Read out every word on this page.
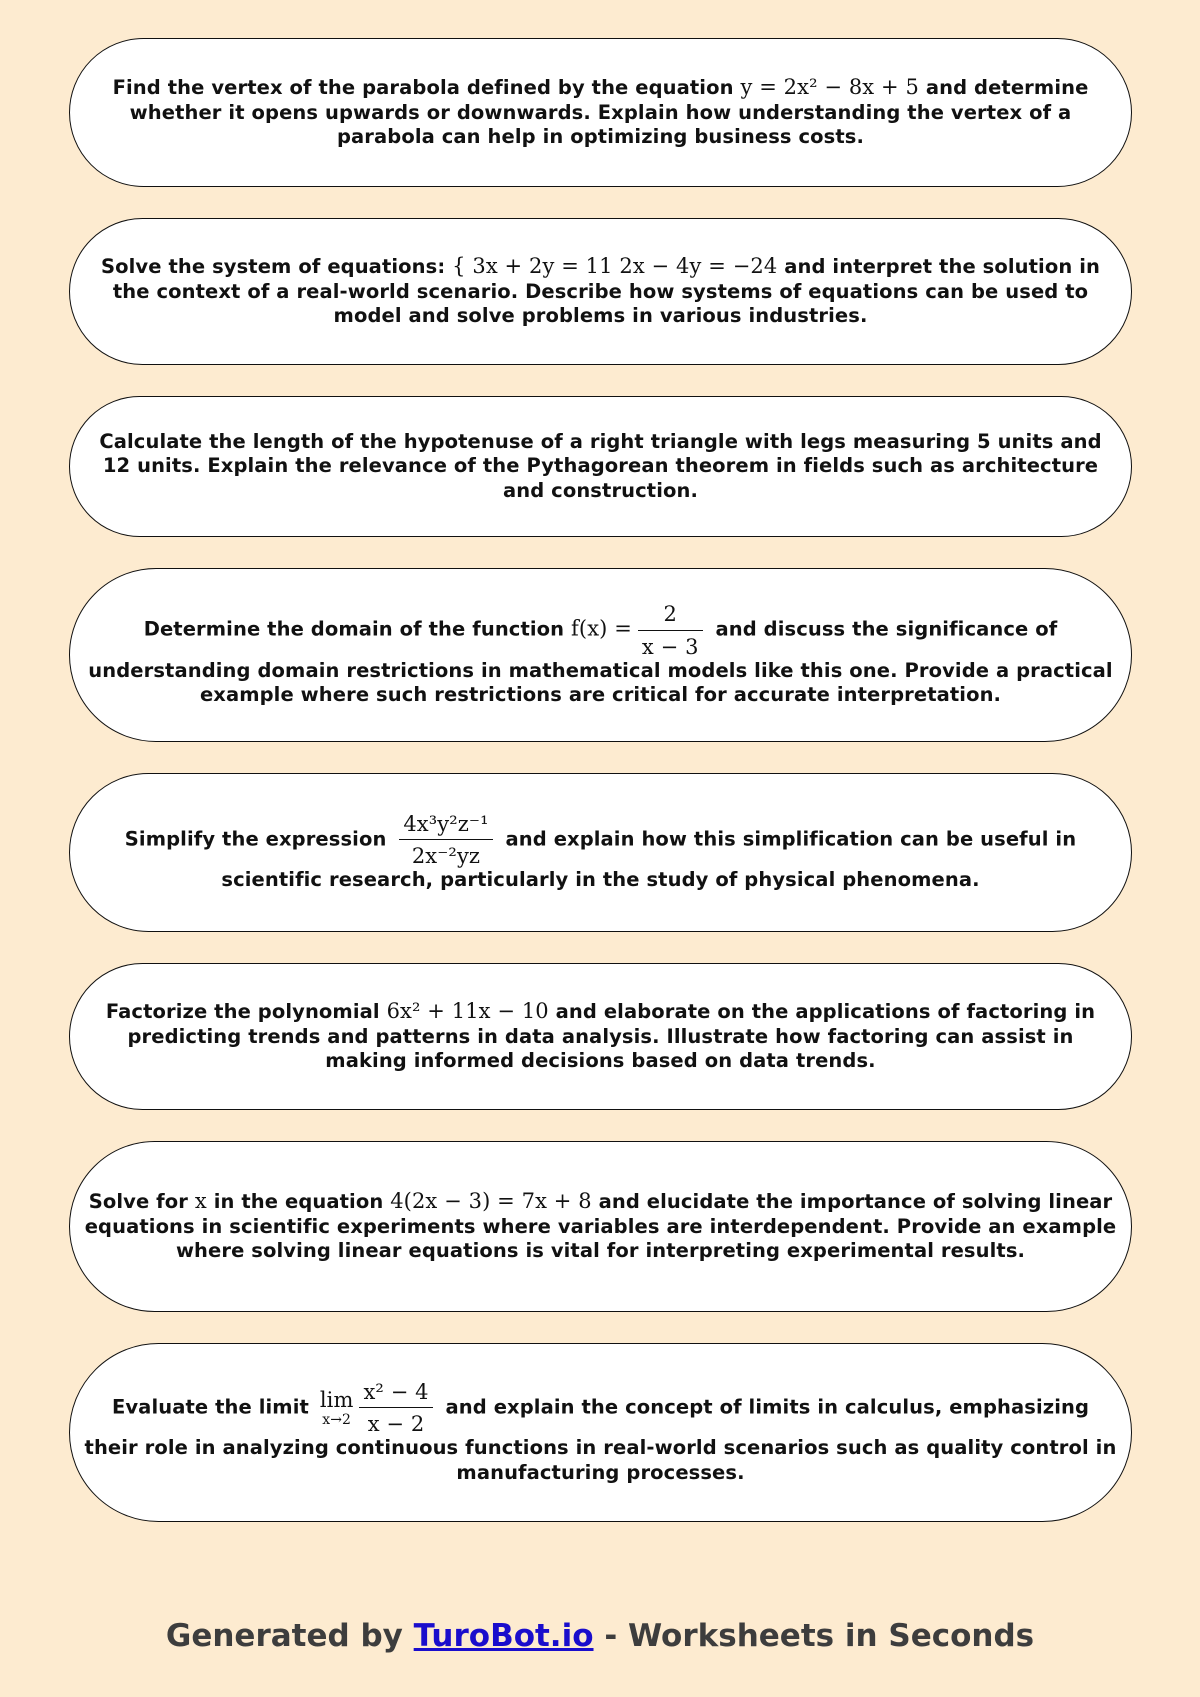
Find the vertex of the parabola defined by the equation y = 2x² − 8x + 5 and determine whether it opens upwards or downwards. Explain how understanding the vertex of a parabola can help in optimizing business costs.
Solve the system of equations: { 3x + 2y = 11 2x − 4y = −24 and interpret the solution in the context of a real-world scenario. Describe how systems of equations can be used to model and solve problems in various industries.
Calculate the length of the hypotenuse of a right triangle with legs measuring 5 units and 12 units. Explain the relevance of the Pythagorean theorem in fields such as architecture and construction.
Determine the domain of the function $f(x) = \frac{2}{x - 3}$ and discuss the significance of understanding domain restrictions in mathematical models like this one. Provide a practical example where such restrictions are critical for accurate interpretation.
Simplify the expression $\frac{\text{4x³y²z⁻¹}}{\text{2x⁻²yz}}$ and explain how this simplification can be useful in scientific research, particularly in the study of physical phenomena.
Factorize the polynomial 6x² + 11x − 10 and elaborate on the applications of factoring in predicting trends and patterns in data analysis. Illustrate how factoring can assist in making informed decisions based on data trends.
Solve for x in the equation 4(2x − 3) = 7x + 8 and elucidate the importance of solving linear equations in scientific experiments where variables are interdependent. Provide an example where solving linear equations is vital for interpreting experimental results.
Evaluate the limit lim
$x\to 2 \frac{\text{x² − 4}}{x - 2}$ and explain the concept of limits in calculus, emphasizing their role in analyzing continuous functions in real-world scenarios such as quality control in manufacturing processes.
Generated by TuroBot.io - Worksheets in Seconds
